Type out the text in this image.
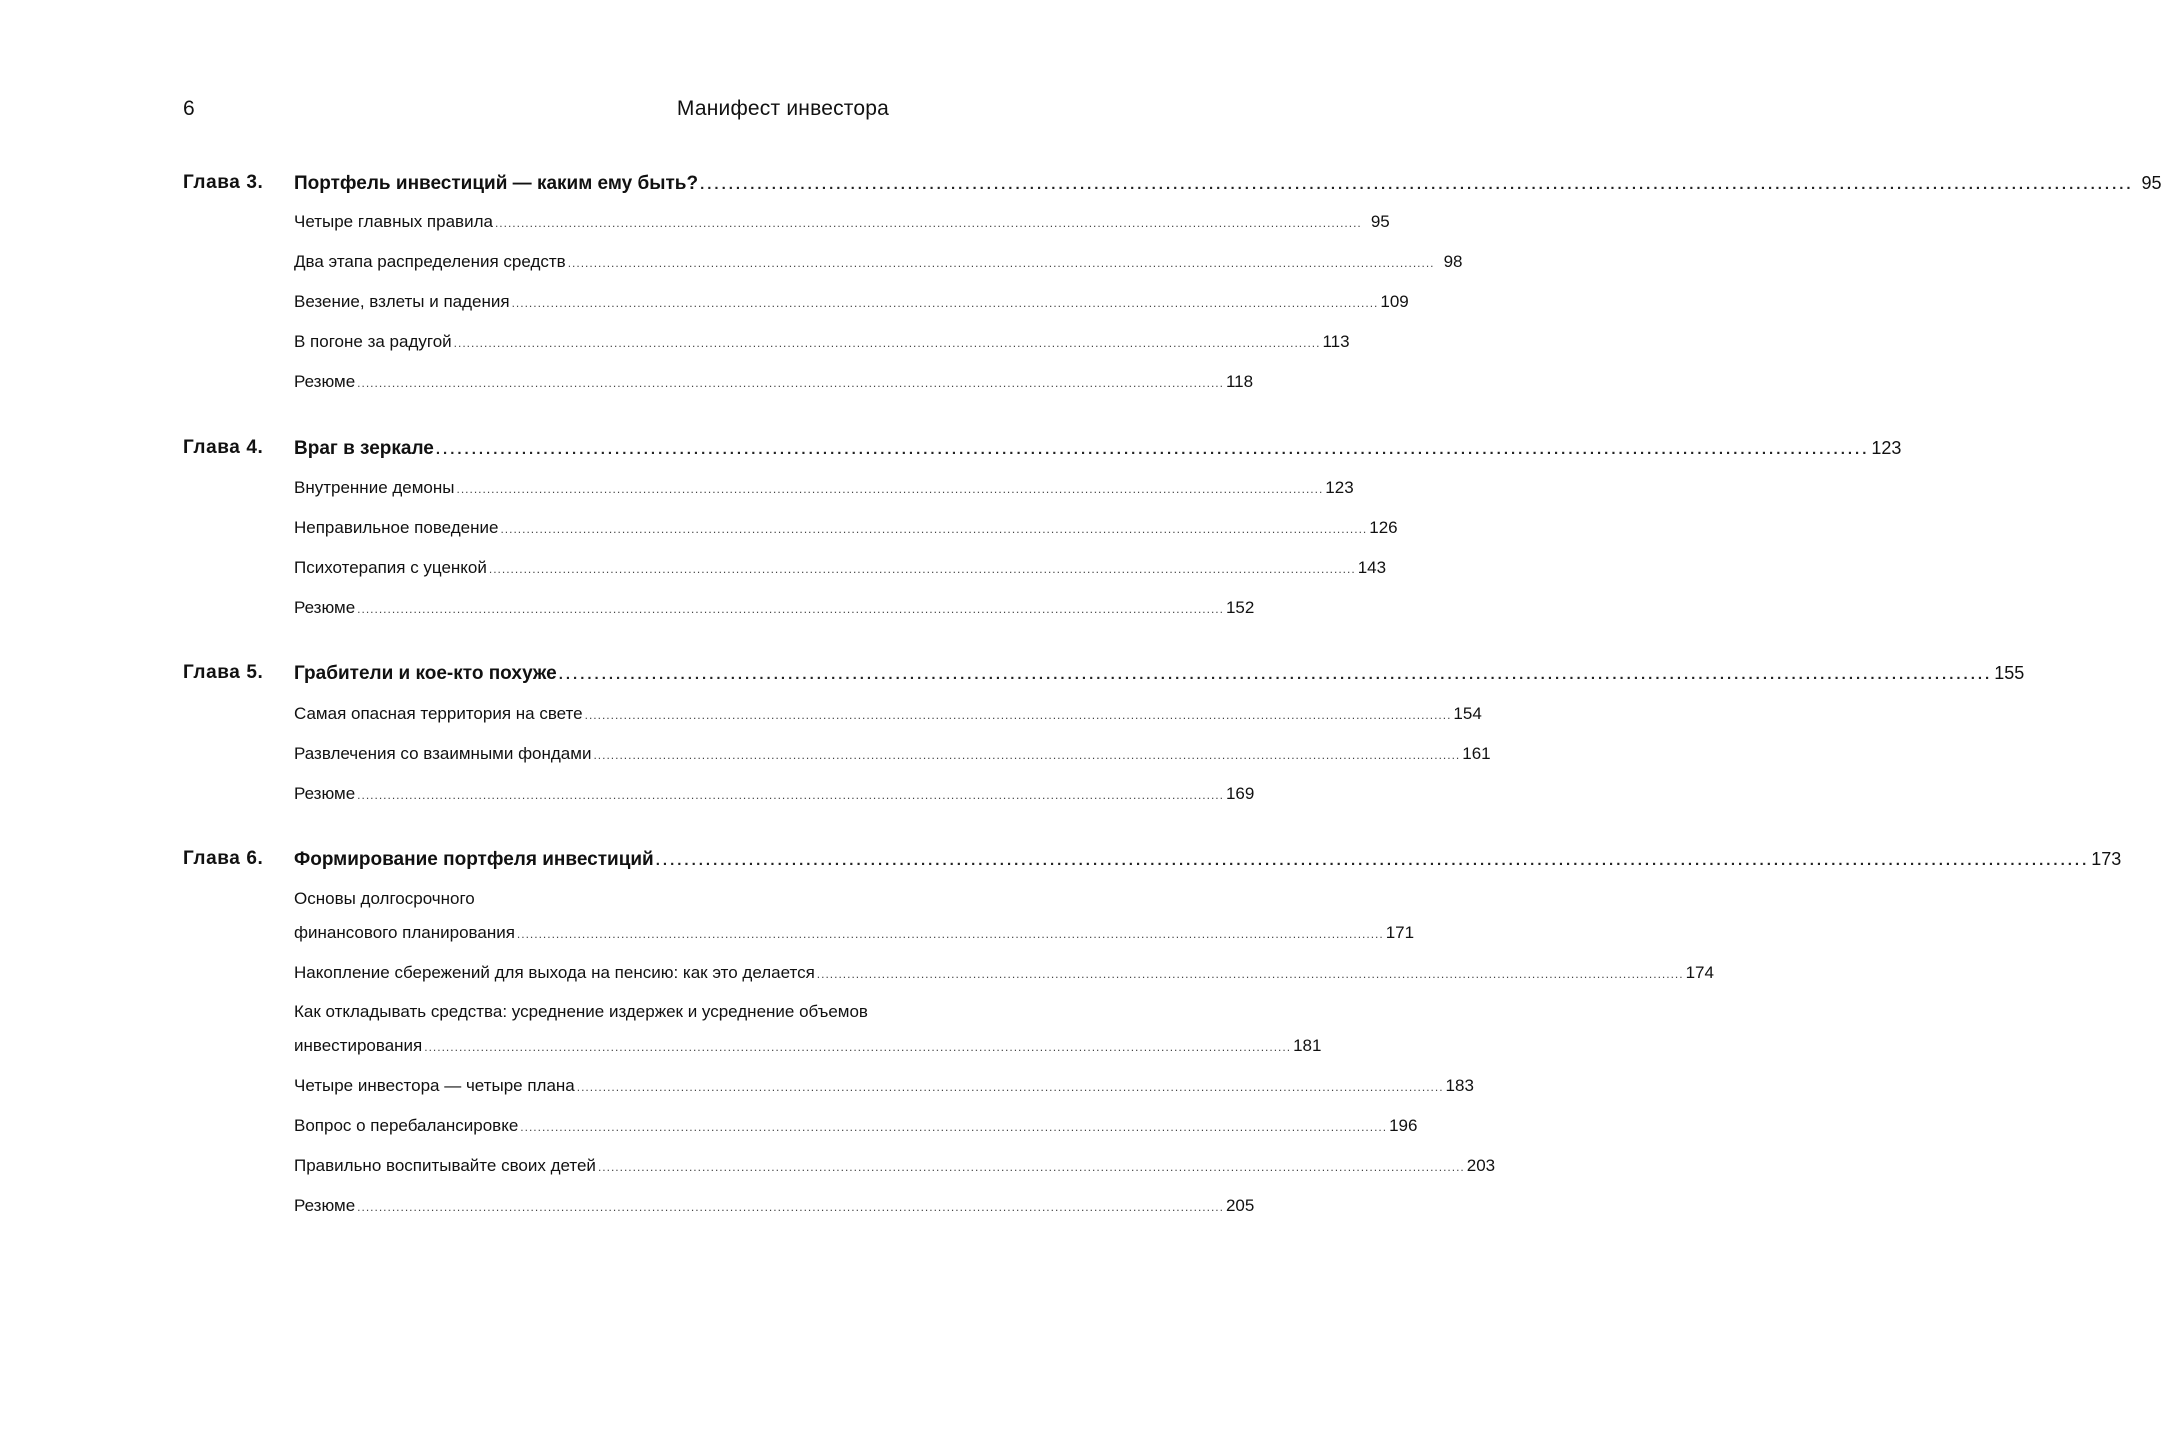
6	Манифест инвестора
Глава 3.	Портфель инвестиций — каким ему быть? ........................................................................................................................................................................................................ 95
Четыре главных правила ........................................................................................................................................................................................................ 95
Два этапа распределения средств ........................................................................................................................................................................................................ 98
Везение, взлеты и падения ........................................................................................................................................................................................................ 109
В погоне за радугой ........................................................................................................................................................................................................ 113
Резюме ........................................................................................................................................................................................................ 118
Глава 4.	Враг в зеркале ........................................................................................................................................................................................................ 123
Внутренние демоны ........................................................................................................................................................................................................ 123
Неправильное поведение ........................................................................................................................................................................................................ 126
Психотерапия с уценкой ........................................................................................................................................................................................................ 143
Резюме ........................................................................................................................................................................................................ 152
Глава 5.	Грабители и кое-кто похуже ........................................................................................................................................................................................................ 155
Самая опасная территория на свете ........................................................................................................................................................................................................ 154
Развлечения со взаимными фондами ........................................................................................................................................................................................................ 161
Резюме ........................................................................................................................................................................................................ 169
Глава 6.	Формирование портфеля инвестиций ........................................................................................................................................................................................................ 173
Основы долгосрочного
финансового планирования ........................................................................................................................................................................................................ 171
Накопление сбережений для выхода на пенсию: как это делается ........................................................................................................................................................................................................ 174
Как откладывать средства: усреднение издержек и усреднение объемов
инвестирования ........................................................................................................................................................................................................ 181
Четыре инвестора — четыре плана ........................................................................................................................................................................................................ 183
Вопрос о перебалансировке ........................................................................................................................................................................................................ 196
Правильно воспитывайте своих детей ........................................................................................................................................................................................................ 203
Резюме ........................................................................................................................................................................................................ 205
